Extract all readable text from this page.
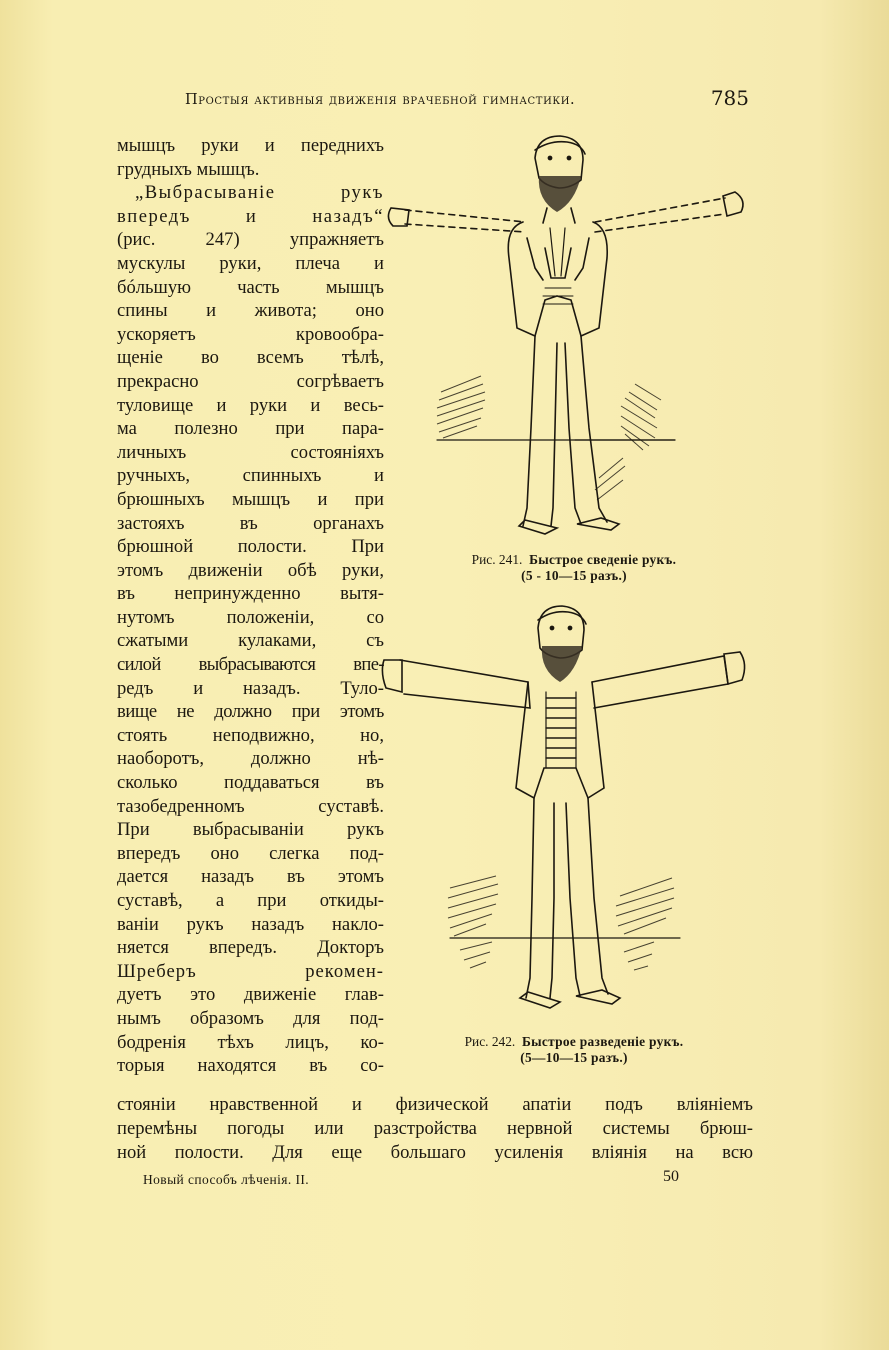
Простыя активныя движенія врачебной гимнастики.	785
мышцъ руки и переднихъ
грудныхъ мышцъ.
„Выбрасываніе рукъ
впередъ и назадъ“
(рис. 247) упражняетъ
мускулы руки, плеча и
бóльшую часть мышцъ
спины и живота; оно
ускоряетъ кровообра-
щеніе во всемъ тѣлѣ,
прекрасно согрѣваетъ
туловище и руки и весь-
ма полезно при пара-
личныхъ состояніяхъ
ручныхъ, спинныхъ и
брюшныхъ мышцъ и при
застояхъ въ органахъ
брюшной полости. При
этомъ движеніи обѣ руки,
въ непринужденно вытя-
нутомъ положеніи, со
сжатыми кулаками, съ
силой выбрасываются впе-
редъ и назадъ. Туло-
вище не должно при этомъ
стоять неподвижно, но,
наоборотъ, должно нѣ-
сколько поддаваться въ
тазобедренномъ суставѣ.
При выбрасываніи рукъ
впередъ оно слегка под-
дается назадъ въ этомъ
суставѣ, а при откиды-
ваніи рукъ назадъ накло-
няется впередъ. Докторъ
Шреберъ рекомен-
дуетъ это движеніе глав-
нымъ образомъ для под-
бодренія тѣхъ лицъ, ко-
торыя находятся въ со-
Рис. 241. Быстрое сведеніе рукъ.
(5 - 10—15 разъ.)
Рис. 242. Быстрое разведеніе рукъ.
(5—10—15 разъ.)
стояніи нравственной и физической апатіи подъ вліяніемъ
перемѣны погоды или разстройства нервной системы брюш-
ной полости. Для еще большаго усиленія вліянія на всю
Новый способъ лѣченія. II.	50
